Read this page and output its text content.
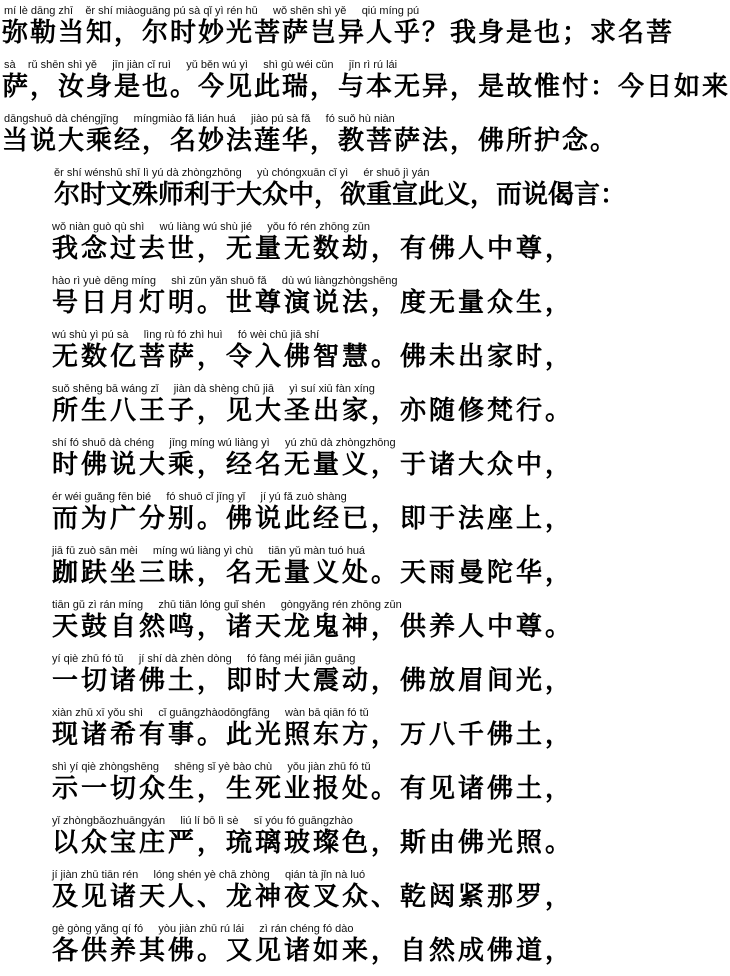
mí lè dāng zhī    ěr shí miàoguāng pú sà qǐ yì rén hū     wǒ shēn shì yě     qiú míng pú
弥勒当知，尔时妙光菩萨岂异人乎？我身是也；求名菩
sà    rǔ shēn shì yě     jīn jiàn cǐ ruì     yǔ běn wú yì     shì gù wéi cǔn     jīn rì rú lái
萨，汝身是也。今见此瑞，与本无异，是故惟忖：今日如来
dāngshuō dà chéngjīng     míngmiào fǎ lián huá     jiào pú sà fǎ     fó suǒ hù niàn
当说大乘经，名妙法莲华，教菩萨法，佛所护念。
ěr shí wénshū shī lì yú dà zhòngzhōng     yù chóngxuān cǐ yì     ér shuō jì yán
尔时文殊师利于大众中，欲重宣此义，而说偈言：
wǒ niàn guò qù shì     wú liàng wú shù jié     yǒu fó rén zhōng zūn
我念过去世，无量无数劫，有佛人中尊，
hào rì yuè dēng míng     shì zūn yǎn shuō fǎ     dù wú liàngzhòngshēng
号日月灯明。世尊演说法，度无量众生，
wú shù yì pú sà     lìng rù fó zhì huì     fó wèi chū jiā shí
无数亿菩萨，令入佛智慧。佛未出家时，
suǒ shēng bā wáng zǐ     jiàn dà shèng chū jiā     yì suí xiū fàn xíng
所生八王子，见大圣出家，亦随修梵行。
shí fó shuō dà chéng     jīng míng wú liàng yì     yú zhū dà zhòngzhōng
时佛说大乘，经名无量义，于诸大众中，
ér wéi guǎng fēn bié     fó shuō cǐ jīng yǐ     jí yú fǎ zuò shàng
而为广分别。佛说此经已，即于法座上，
jiā fū zuò sān mèi     míng wú liàng yì chù     tiān yǔ màn tuó huá
跏趺坐三昧，名无量义处。天雨曼陀华，
tiān gǔ zì rán míng     zhū tiān lóng guǐ shén     gòngyǎng rén zhōng zūn
天鼓自然鸣，诸天龙鬼神，供养人中尊。
yí qiè zhū fó tǔ     jí shí dà zhèn dòng     fó fàng méi jiān guāng
一切诸佛土，即时大震动，佛放眉间光，
xiàn zhū xī yǒu shì     cǐ guāngzhàodōngfāng     wàn bā qiān fó tǔ
现诸希有事。此光照东方，万八千佛土，
shì yí qiè zhòngshēng     shēng sǐ yè bào chù     yǒu jiàn zhū fó tǔ
示一切众生，生死业报处。有见诸佛土，
yǐ zhòngbǎozhuāngyán     liú lí bō lì sè     sī yóu fó guāngzhào
以众宝庄严，琉璃玻璨色，斯由佛光照。
jí jiàn zhū tiān rén     lóng shén yè chā zhòng     qián tà jǐn nà luó
及见诸天人、龙神夜叉众、乾闼紧那罗，
gè gòng yǎng qí fó     yòu jiàn zhū rú lái     zì rán chéng fó dào
各供养其佛。又见诸如来，自然成佛道，
